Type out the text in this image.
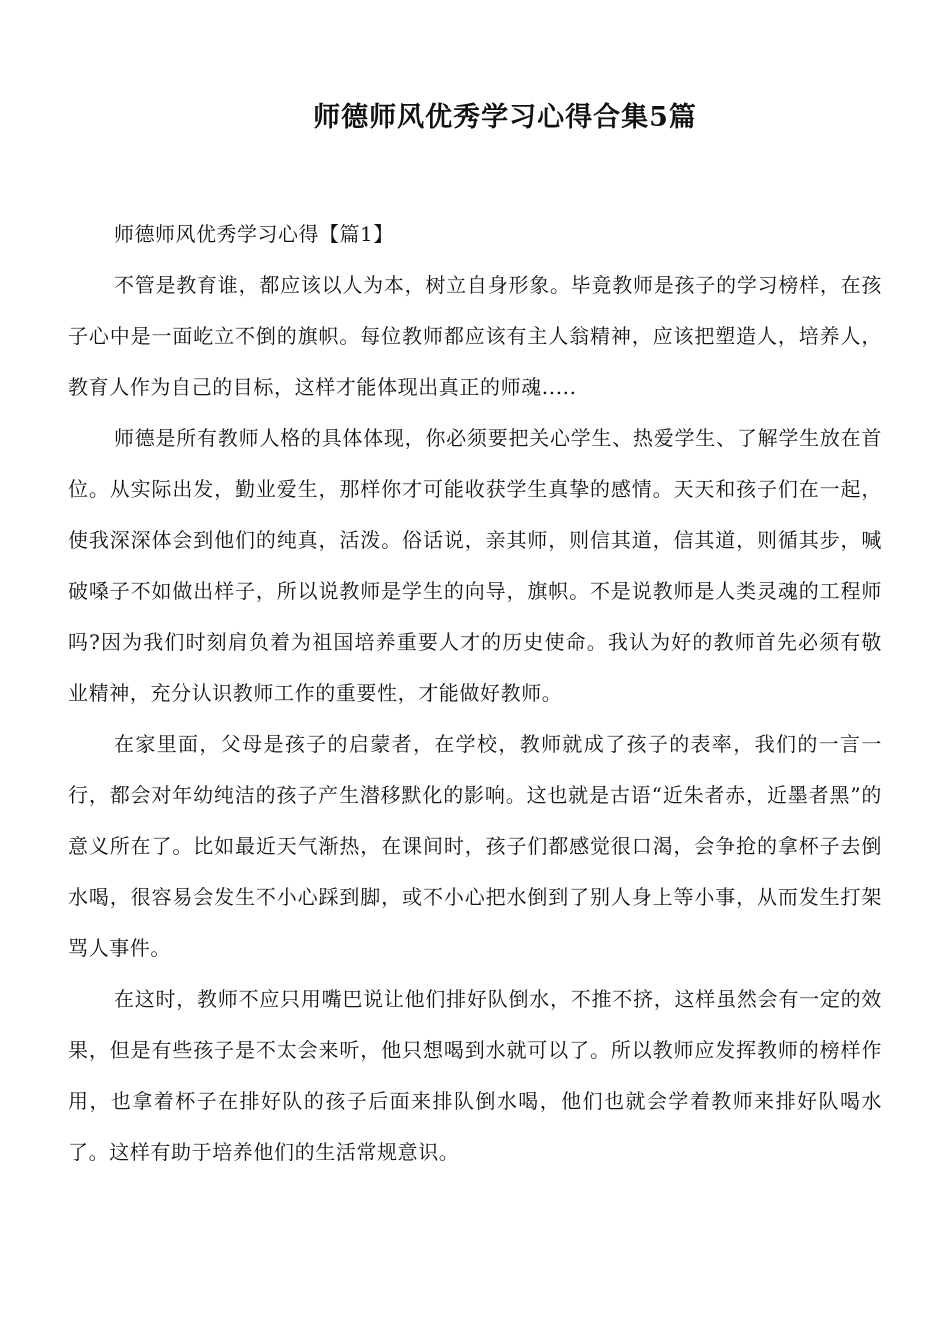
师德师风优秀学习心得合集5篇

师德师风优秀学习心得【篇1】

不管是教育谁，都应该以人为本，树立自身形象。毕竟教师是孩子的学习榜样，在孩子心中是一面屹立不倒的旗帜。每位教师都应该有主人翁精神，应该把塑造人，培养人，教育人作为自己的目标，这样才能体现出真正的师魂.....

师德是所有教师人格的具体体现，你必须要把关心学生、热爱学生、了解学生放在首位。从实际出发，勤业爱生，那样你才可能收获学生真挚的感情。天天和孩子们在一起，使我深深体会到他们的纯真，活泼。俗话说，亲其师，则信其道，信其道，则循其步，喊破嗓子不如做出样子，所以说教师是学生的向导，旗帜。不是说教师是人类灵魂的工程师吗?因为我们时刻肩负着为祖国培养重要人才的历史使命。我认为好的教师首先必须有敬业精神，充分认识教师工作的重要性，才能做好教师。

在家里面，父母是孩子的启蒙者，在学校，教师就成了孩子的表率，我们的一言一行，都会对年幼纯洁的孩子产生潜移默化的影响。这也就是古语“近朱者赤，近墨者黑”的意义所在了。比如最近天气渐热，在课间时，孩子们都感觉很口渴，会争抢的拿杯子去倒水喝，很容易会发生不小心踩到脚，或不小心把水倒到了别人身上等小事，从而发生打架骂人事件。

在这时，教师不应只用嘴巴说让他们排好队倒水，不推不挤，这样虽然会有一定的效果，但是有些孩子是不太会来听，他只想喝到水就可以了。所以教师应发挥教师的榜样作用，也拿着杯子在排好队的孩子后面来排队倒水喝，他们也就会学着教师来排好队喝水了。这样有助于培养他们的生活常规意识。
